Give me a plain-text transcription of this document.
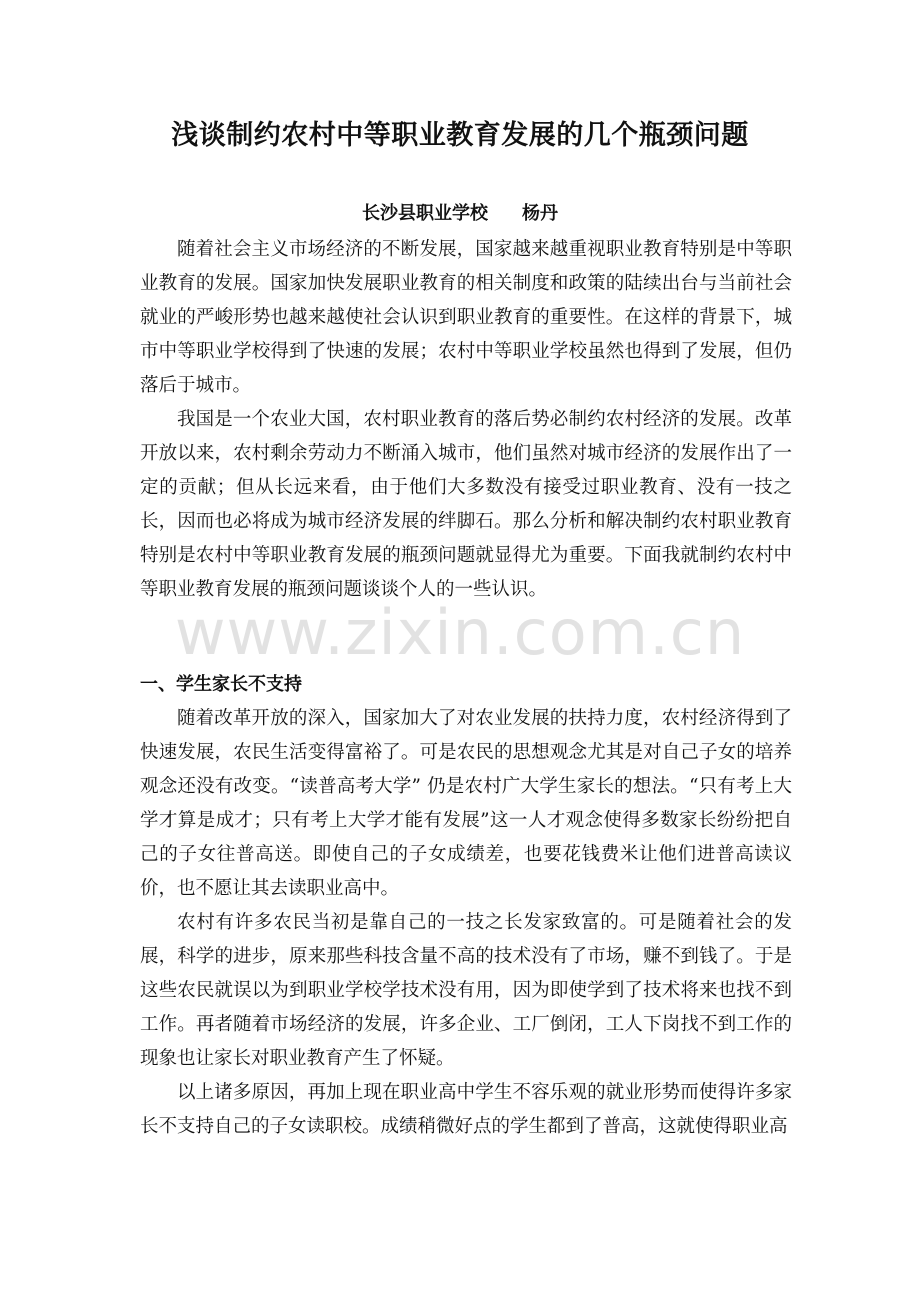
浅谈制约农村中等职业教育发展的几个瓶颈问题
长沙县职业学校 杨丹

随着社会主义市场经济的不断发展，国家越来越重视职业教育特别是中等职业教育的发展。国家加快发展职业教育的相关制度和政策的陆续出台与当前社会就业的严峻形势也越来越使社会认识到职业教育的重要性。在这样的背景下，城市中等职业学校得到了快速的发展；农村中等职业学校虽然也得到了发展，但仍落后于城市。

我国是一个农业大国，农村职业教育的落后势必制约农村经济的发展。改革开放以来，农村剩余劳动力不断涌入城市，他们虽然对城市经济的发展作出了一定的贡献；但从长远来看，由于他们大多数没有接受过职业教育、没有一技之长，因而也必将成为城市经济发展的绊脚石。那么分析和解决制约农村职业教育特别是农村中等职业教育发展的瓶颈问题就显得尤为重要。下面我就制约农村中等职业教育发展的瓶颈问题谈谈个人的一些认识。

www.zixin.com.cn
一、学生家长不支持

随着改革开放的深入，国家加大了对农业发展的扶持力度，农村经济得到了快速发展，农民生活变得富裕了。可是农民的思想观念尤其是对自己子女的培养观念还没有改变。“读普高考大学” 仍是农村广大学生家长的想法。“只有考上大学才算是成才；只有考上大学才能有发展”这一人才观念使得多数家长纷纷把自己的子女往普高送。即使自己的子女成绩差，也要花钱费米让他们进普高读议价，也不愿让其去读职业高中。

农村有许多农民当初是靠自己的一技之长发家致富的。可是随着社会的发展，科学的进步，原来那些科技含量不高的技术没有了市场，赚不到钱了。于是这些农民就误以为到职业学校学技术没有用，因为即使学到了技术将来也找不到工作。再者随着市场经济的发展，许多企业、工厂倒闭，工人下岗找不到工作的现象也让家长对职业教育产生了怀疑。

以上诸多原因，再加上现在职业高中学生不容乐观的就业形势而使得许多家长不支持自己的子女读职校。成绩稍微好点的学生都到了普高，这就使得职业高
